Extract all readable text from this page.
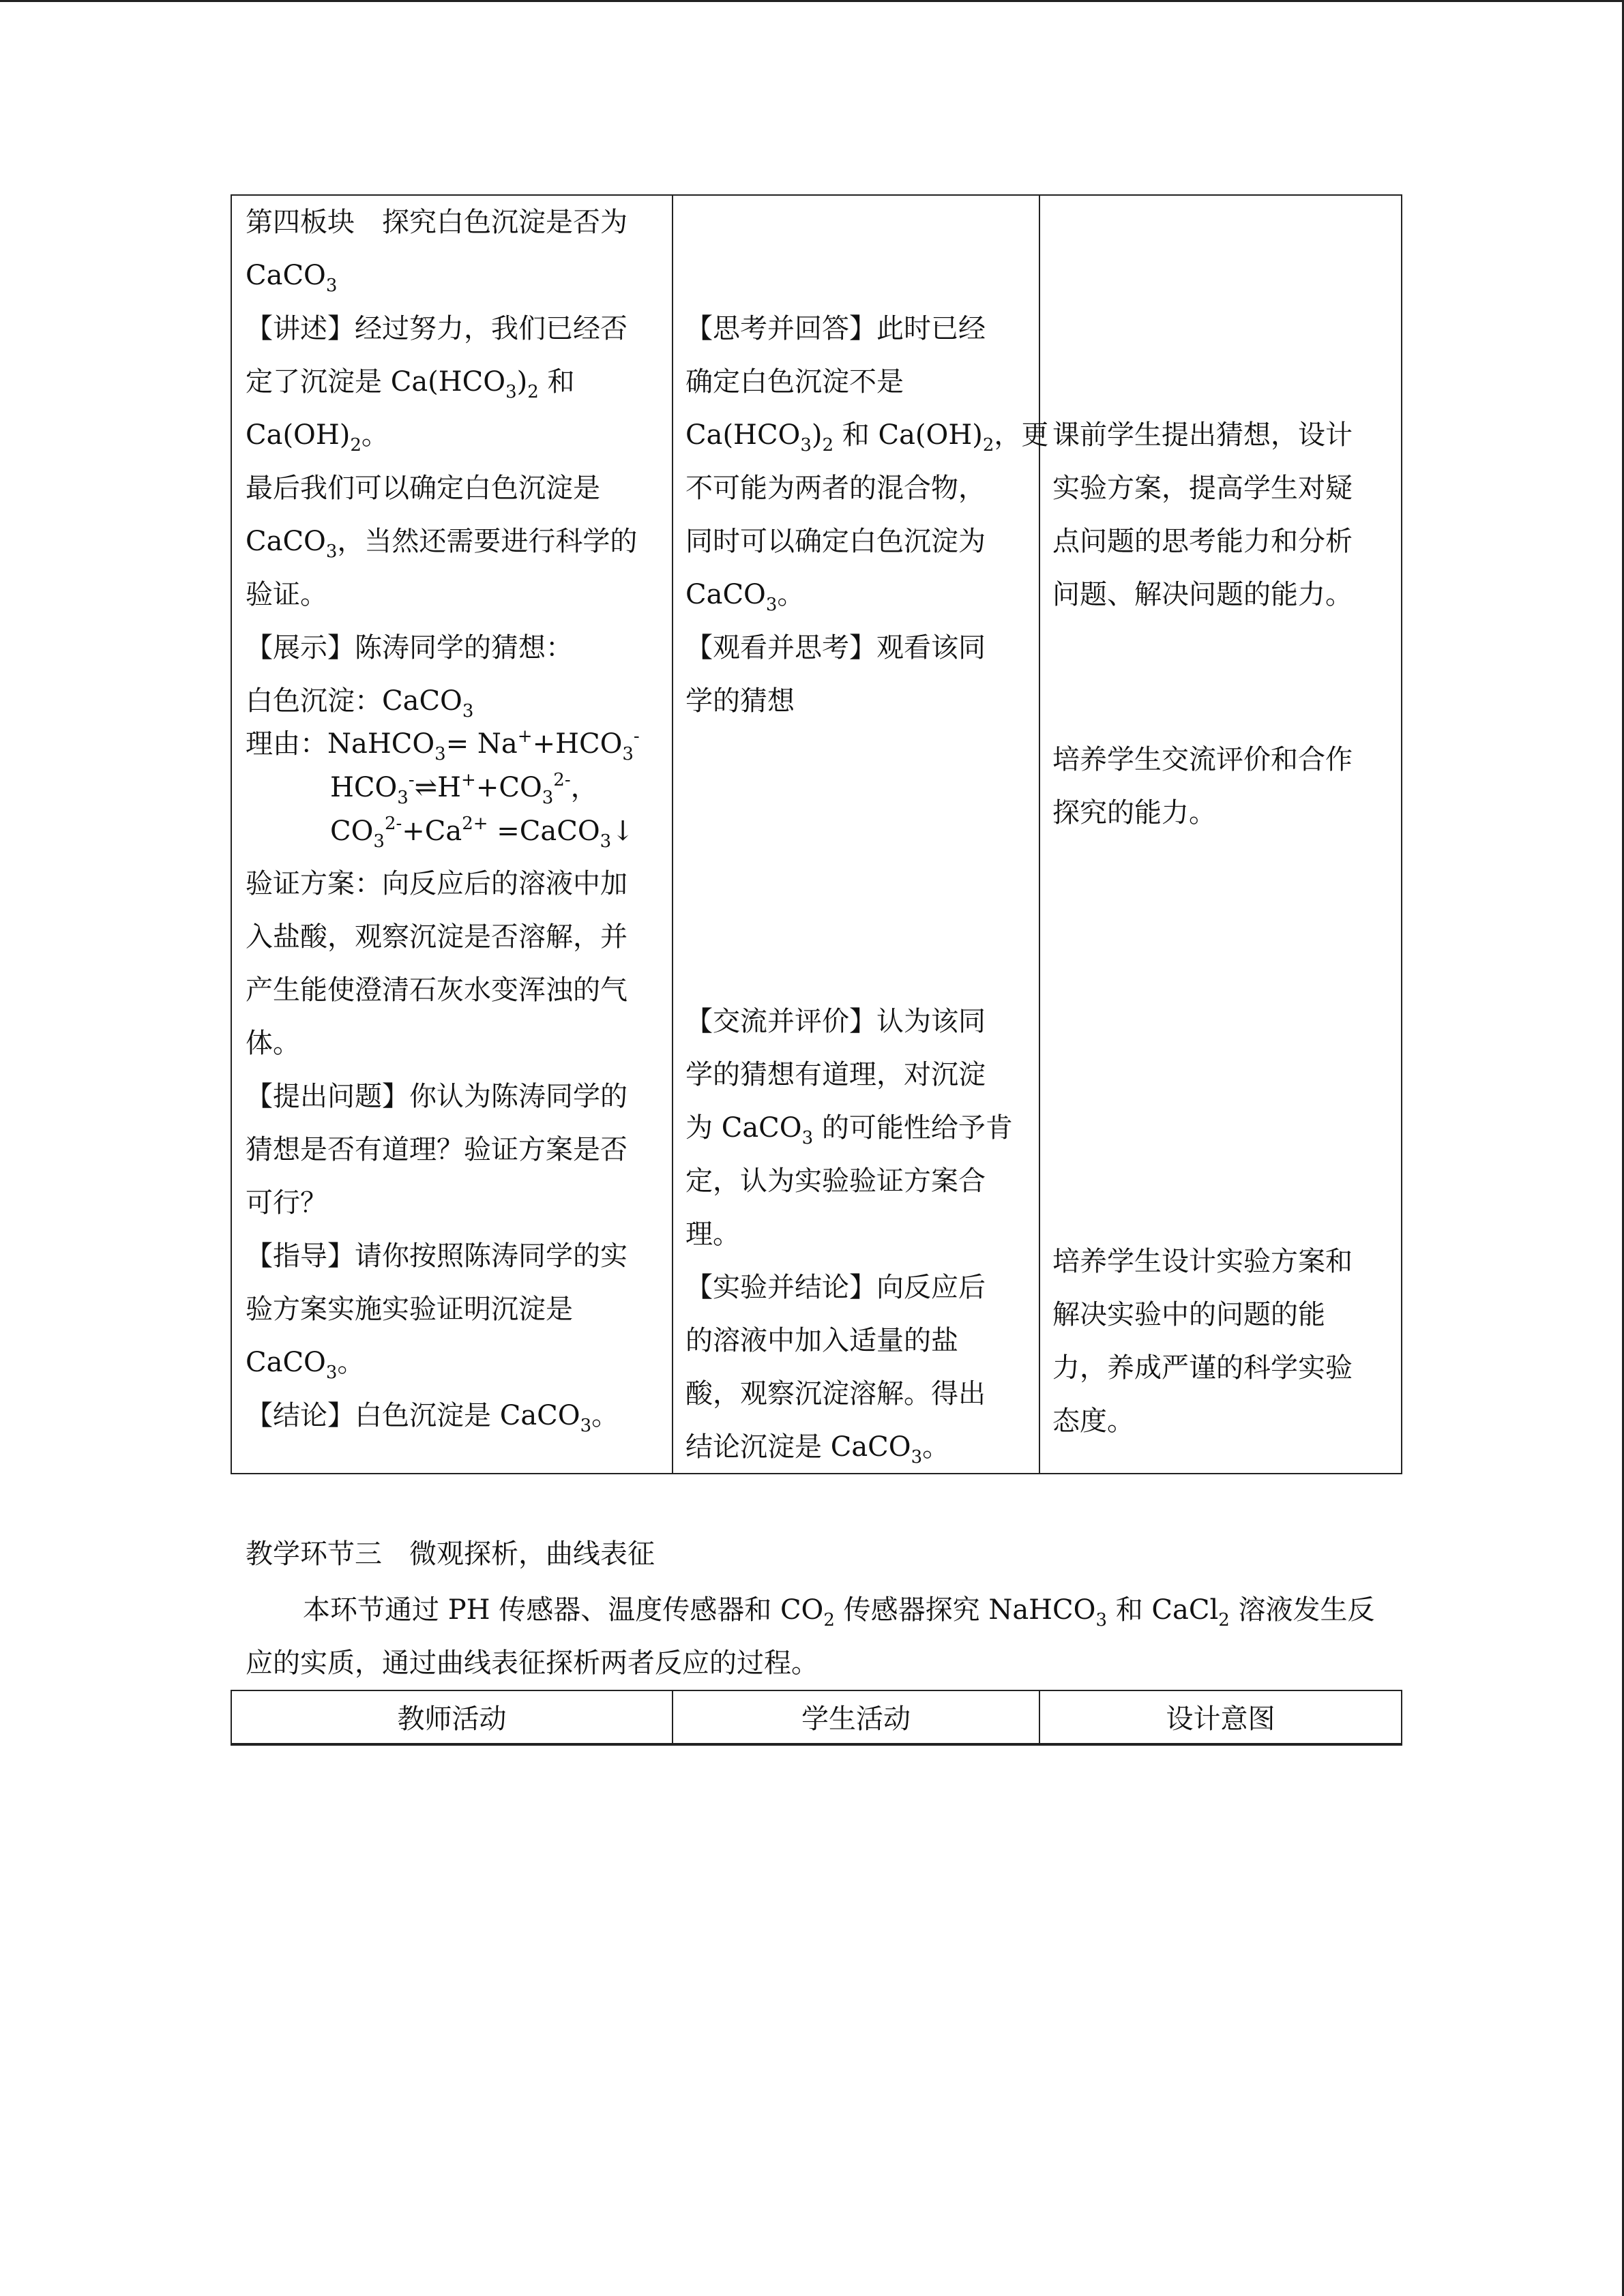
第四板块　探究白色沉淀是否为
CaCO$_3$
【讲述】经过努力，我们已经否
定了沉淀是 $Ca(HCO_3)_2$ 和
$Ca(OH)_2$。
最后我们可以确定白色沉淀是
CaCO$_3$，当然还需要进行科学的
验证。
【展示】陈涛同学的猜想：
白色沉淀：CaCO$_3$
理由：NaHCO$_3$= $Na^++HCO_3^-$
$HCO_3^-\rightleftharpoons H^++CO_3^{2-}$，
$CO_3^{2-}+Ca^{2+}$ =CaCO$_3$↓
验证方案：向反应后的溶液中加
入盐酸，观察沉淀是否溶解，并
产生能使澄清石灰水变浑浊的气
体。
【提出问题】你认为陈涛同学的
猜想是否有道理？验证方案是否
可行？
【指导】请你按照陈涛同学的实
验方案实施实验证明沉淀是
CaCO$_3$。
【结论】白色沉淀是 CaCO$_3$。
【思考并回答】此时已经
确定白色沉淀不是
$Ca(HCO_3)_2$ 和 $Ca(OH)_2$，更
不可能为两者的混合物，
同时可以确定白色沉淀为
CaCO$_3$。
【观看并思考】观看该同
学的猜想
【交流并评价】认为该同
学的猜想有道理，对沉淀
为 CaCO$_3$ 的可能性给予肯
定，认为实验验证方案合
理。
【实验并结论】向反应后
的溶液中加入适量的盐
酸，观察沉淀溶解。得出
结论沉淀是 CaCO$_3$。
课前学生提出猜想，设计
实验方案，提高学生对疑
点问题的思考能力和分析
问题、解决问题的能力。
培养学生交流评价和合作
探究的能力。
培养学生设计实验方案和
解决实验中的问题的能
力，养成严谨的科学实验
态度。
教学环节三　微观探析，曲线表征
本环节通过 PH 传感器、温度传感器和 $CO_2$ 传感器探究 NaHCO$_3$ 和 CaCl$_2$ 溶液发生反
应的实质，通过曲线表征探析两者反应的过程。
教师活动	学生活动	设计意图
